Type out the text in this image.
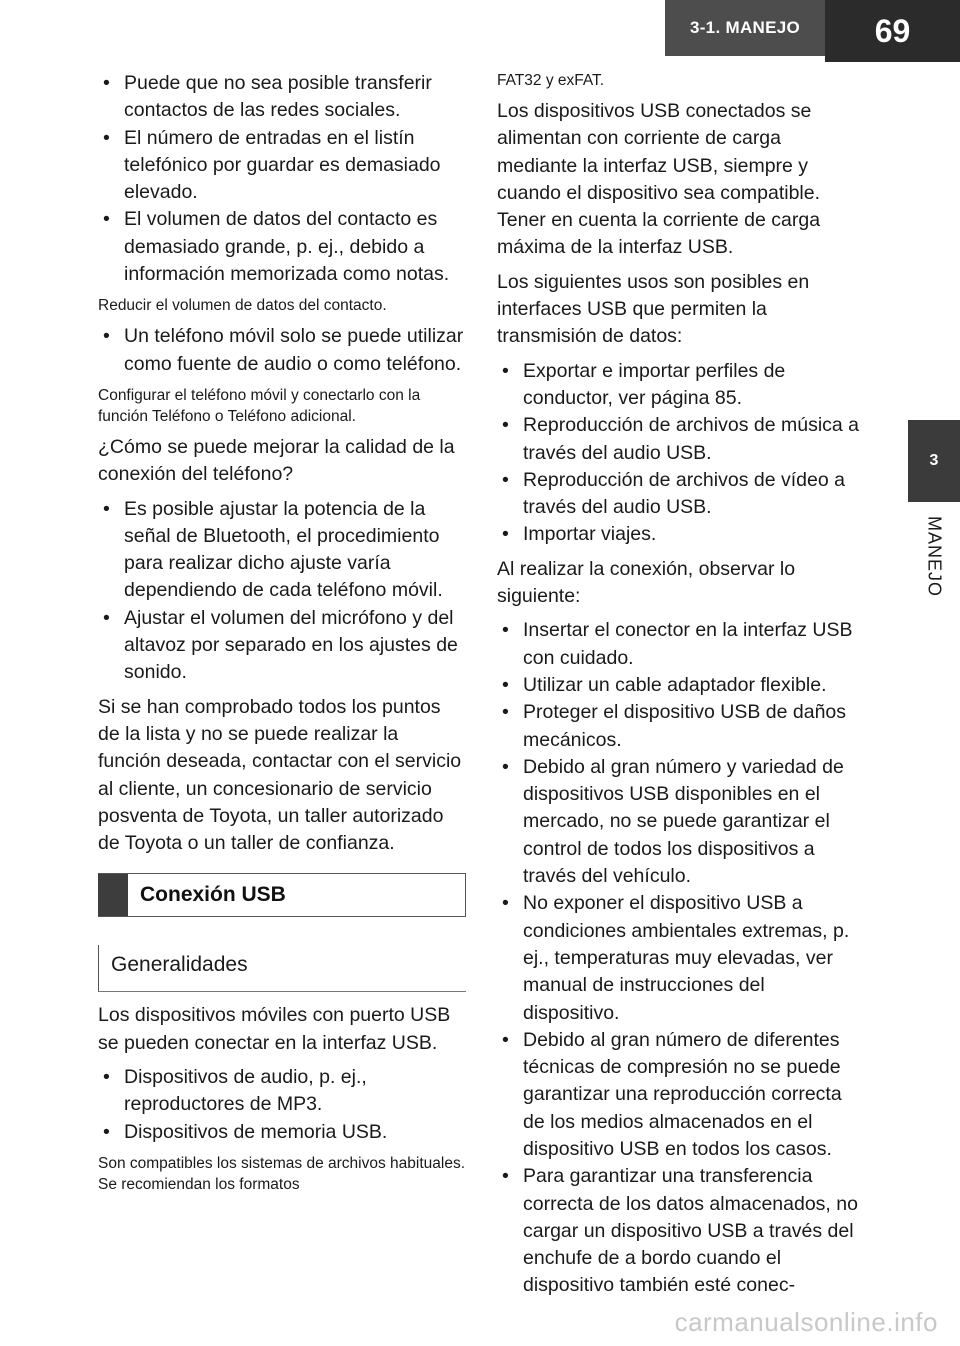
3-1. MANEJO	69
3
MANEJO
• Puede que no sea posible transferir contactos de las redes sociales.
• El número de entradas en el listín telefónico por guardar es demasiado elevado.
• El volumen de datos del contacto es demasiado grande, p. ej., debido a información memorizada como notas.

Reducir el volumen de datos del contacto.

• Un teléfono móvil solo se puede utilizar como fuente de audio o como teléfono.

Configurar el teléfono móvil y conectarlo con la función Teléfono o Teléfono adicional.

¿Cómo se puede mejorar la calidad de la conexión del teléfono?

• Es posible ajustar la potencia de la señal de Bluetooth, el procedimiento para realizar dicho ajuste varía dependiendo de cada teléfono móvil.
• Ajustar el volumen del micrófono y del altavoz por separado en los ajustes de sonido.

Si se han comprobado todos los puntos de la lista y no se puede realizar la función deseada, contactar con el servicio al cliente, un concesionario de servicio posventa de Toyota, un taller autorizado de Toyota o un taller de confianza.

Conexión USB
Generalidades

Los dispositivos móviles con puerto USB se pueden conectar en la interfaz USB.

• Dispositivos de audio, p. ej., reproductores de MP3.
• Dispositivos de memoria USB.

Son compatibles los sistemas de archivos habituales. Se recomiendan los formatos

FAT32 y exFAT.

Los dispositivos USB conectados se alimentan con corriente de carga mediante la interfaz USB, siempre y cuando el dispositivo sea compatible. Tener en cuenta la corriente de carga máxima de la interfaz USB.

Los siguientes usos son posibles en interfaces USB que permiten la transmisión de datos:

• Exportar e importar perfiles de conductor, ver página 85.
• Reproducción de archivos de música a través del audio USB.
• Reproducción de archivos de vídeo a través del audio USB.
• Importar viajes.

Al realizar la conexión, observar lo siguiente:

• Insertar el conector en la interfaz USB con cuidado.
• Utilizar un cable adaptador flexible.
• Proteger el dispositivo USB de daños mecánicos.
• Debido al gran número y variedad de dispositivos USB disponibles en el mercado, no se puede garantizar el control de todos los dispositivos a través del vehículo.
• No exponer el dispositivo USB a condiciones ambientales extremas, p. ej., temperaturas muy elevadas, ver manual de instrucciones del dispositivo.
• Debido al gran número de diferentes técnicas de compresión no se puede garantizar una reproducción correcta de los medios almacenados en el dispositivo USB en todos los casos.
• Para garantizar una transferencia correcta de los datos almacenados, no cargar un dispositivo USB a través del enchufe de a bordo cuando el dispositivo también esté conec-
carmanualsonline.info
